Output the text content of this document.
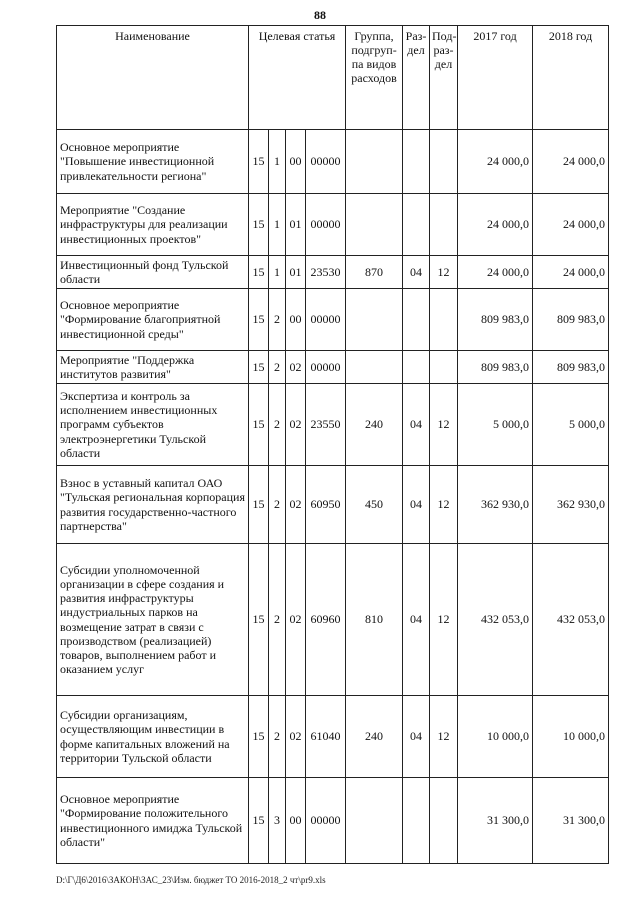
88
Наименование	Целевая статья				Группа, подгруп-па видов расходов	Раз-дел	Под-раз-дел	2017 год	2018 год
Основное мероприятие "Повышение инвестиционной привлекательности региона"	15	1	00	00000				24 000,0	24 000,0
Мероприятие "Создание инфраструктуры для реализации инвестиционных проектов"	15	1	01	00000				24 000,0	24 000,0
Инвестиционный фонд Тульской области	15	1	01	23530	870	04	12	24 000,0	24 000,0
Основное мероприятие "Формирование благоприятной инвестиционной среды"	15	2	00	00000				809 983,0	809 983,0
Мероприятие "Поддержка институтов развития"	15	2	02	00000				809 983,0	809 983,0
Экспертиза и контроль за исполнением инвестиционных программ субъектов электроэнергетики Тульской области	15	2	02	23550	240	04	12	5 000,0	5 000,0
Взнос в уставный капитал ОАО "Тульская региональная корпорация развития государственно-частного партнерства"	15	2	02	60950	450	04	12	362 930,0	362 930,0
Субсидии уполномоченной организации в сфере создания и развития инфраструктуры индустриальных парков на возмещение затрат в связи с производством (реализацией) товаров, выполнением работ и оказанием услуг	15	2	02	60960	810	04	12	432 053,0	432 053,0
Субсидии организациям, осуществляющим инвестиции в форме капитальных вложений на территории Тульской области	15	2	02	61040	240	04	12	10 000,0	10 000,0
Основное мероприятие "Формирование положительного инвестиционного имиджа Тульской области"	15	3	00	00000				31 300,0	31 300,0
D:\Г\Д6\2016\ЗАКОН\ЗАС_23\Изм. бюджет ТО 2016-2018_2 чт\pr9.xls
